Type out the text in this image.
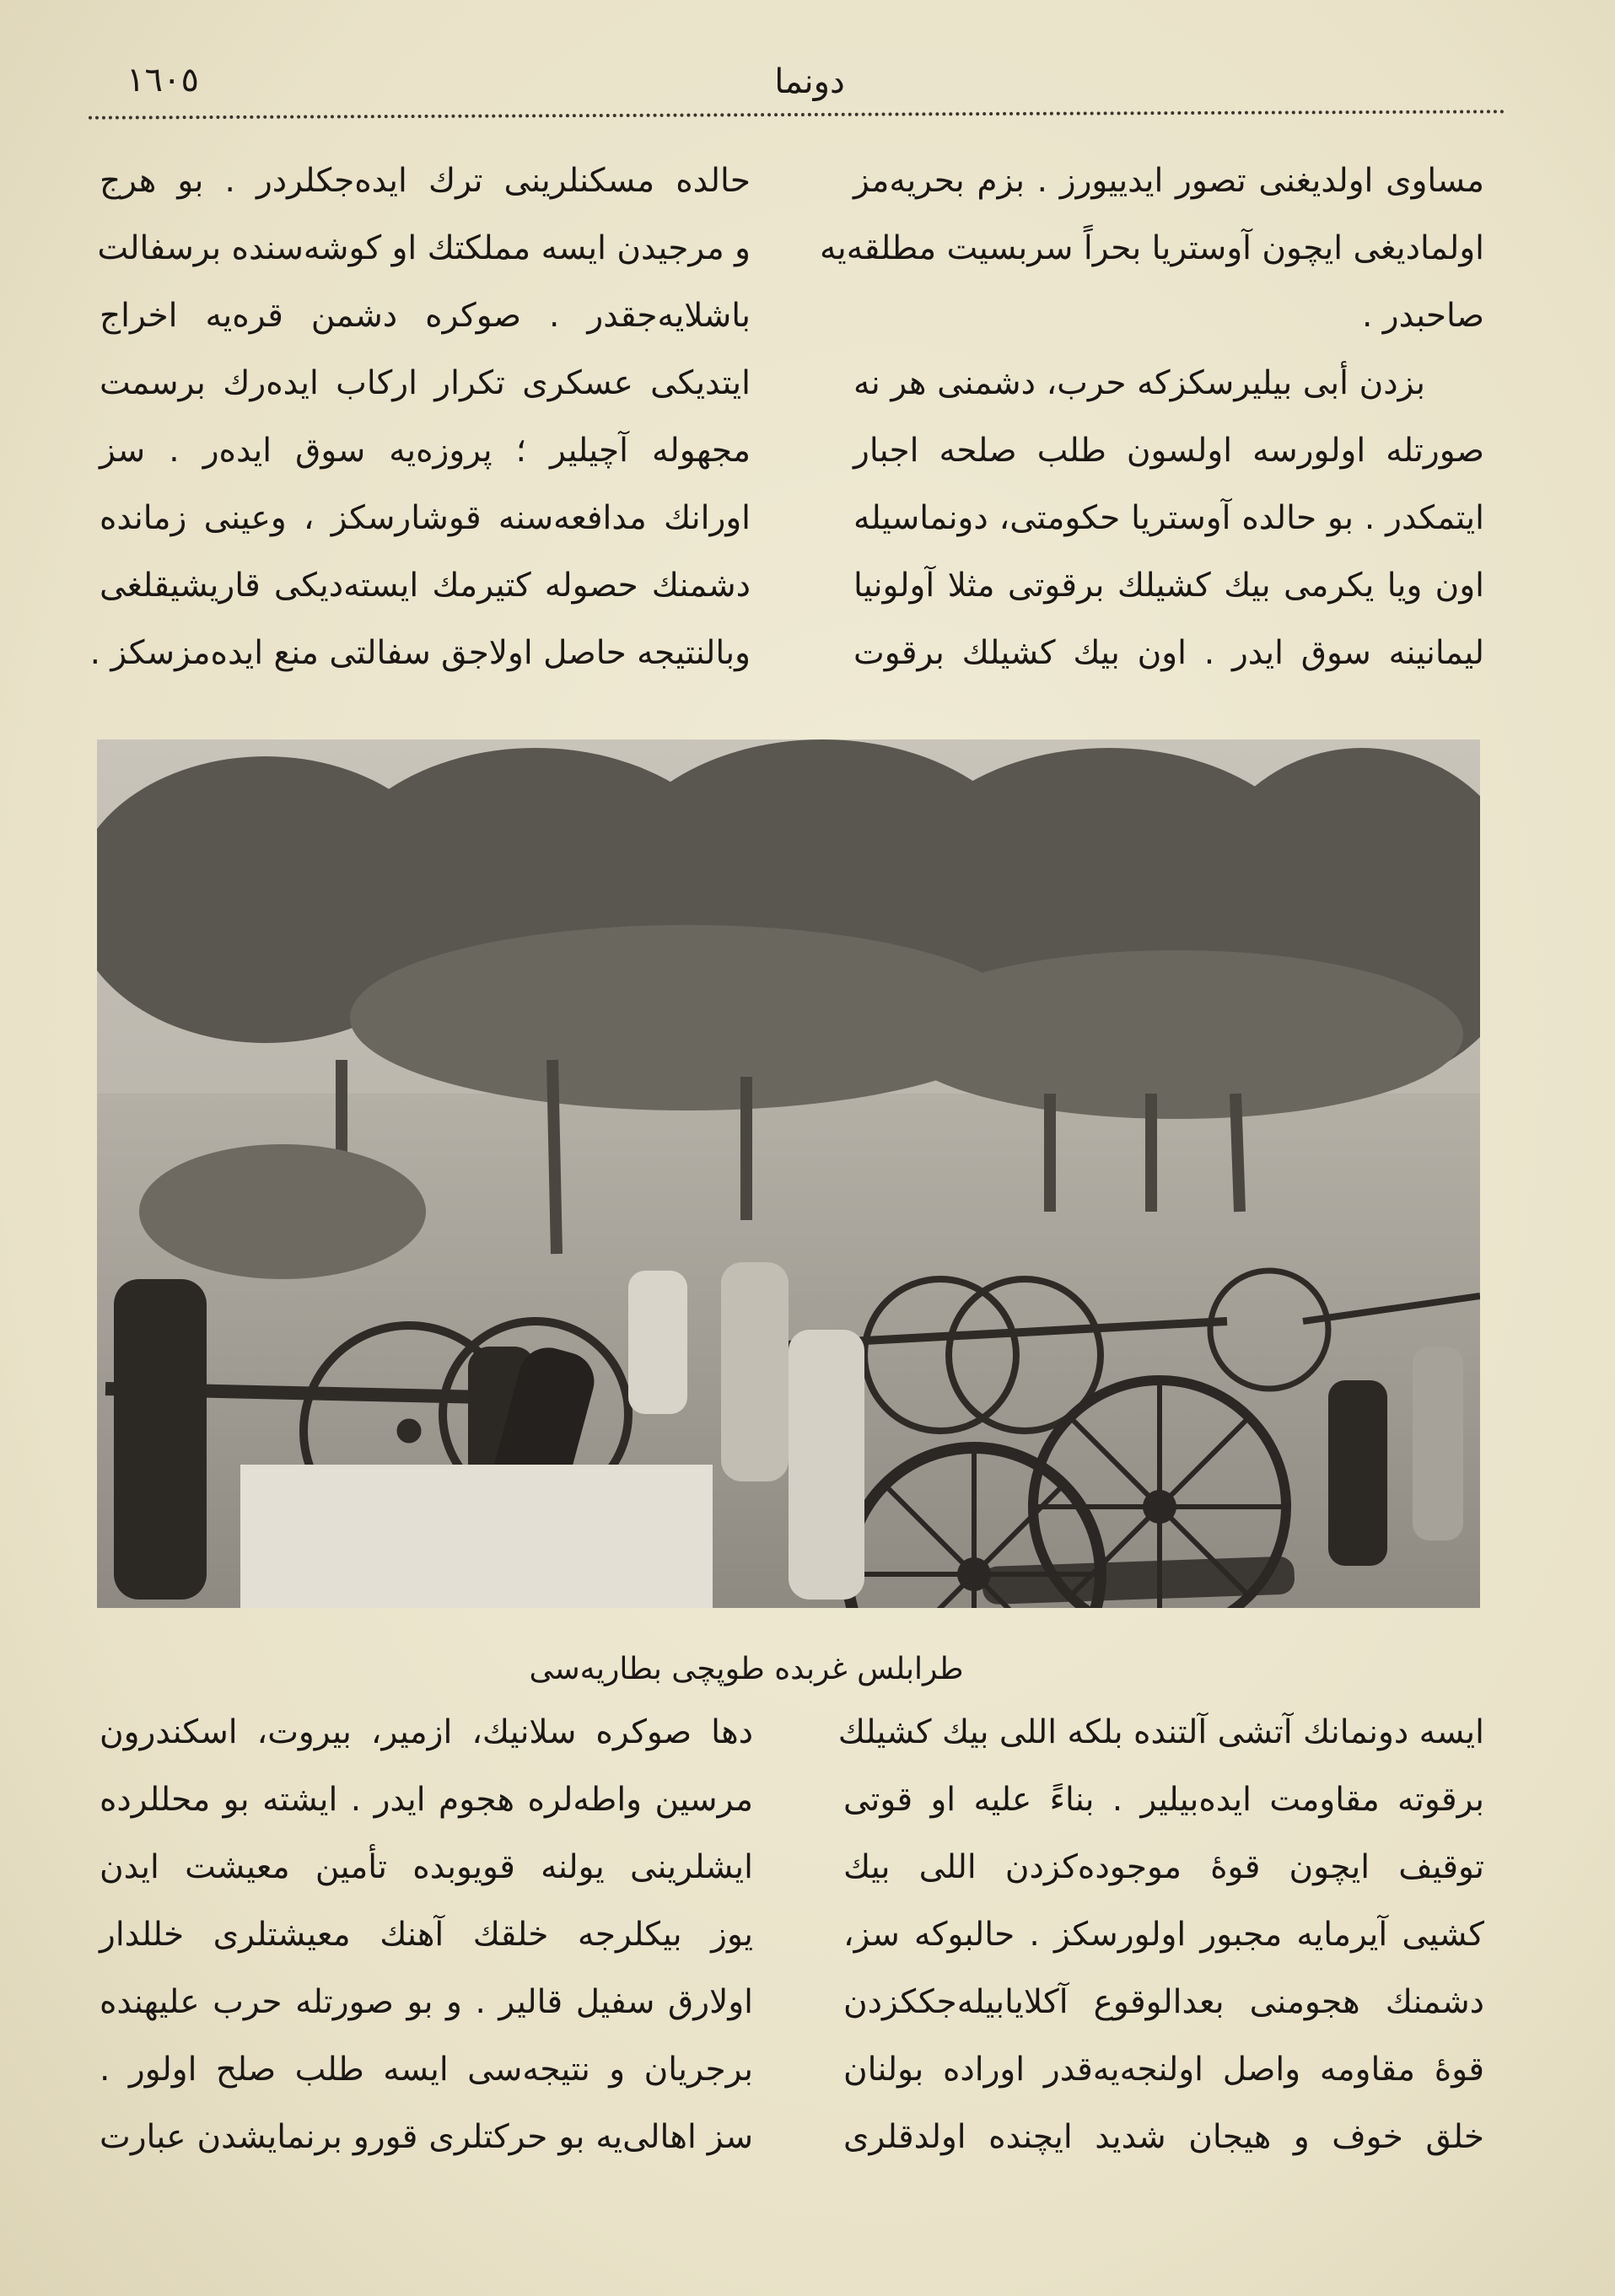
١٦٠٥	دونما
مساوی اولدیغنی تصور ایدییورز . بزم بحریه‌مز
اولمادیغی ایچون آوستریا بحراً سربسیت مطلقه‌یه
صاحبدر .
بزدن أبی بیلیرسکزکه حرب، دشمنی هر نه
صورتله اولورسه اولسون طلب صلحه اجبار
ایتمکدر . بو حالده آوستریا حکومتی، دونماسیله
اون ویا یکرمی بیك کشیلك برقوتی مثلا آولونیا
لیمانینه سوق ایدر . اون بیك کشیلك برقوت
حالده مسکنلرینی ترك ایده‌جکلردر . بو هرج
و مرجیدن ایسه مملکتك او کوشه‌سنده برسفالت
باشلایه‌جقدر . صوکره دشمن قره‌یه اخراج
ایتدیکی عسکری تکرار ارکاب ایده‌رك برسمت
مجهوله آچیلیر ؛ پروزه‌یه سوق ایده‌ر . سز
اورانك مدافعه‌سنه قوشارسکز ، وعینی زمانده
دشمنك حصوله کتیرمك ایسته‌دیکی قاریشیقلغی
وبالنتیجه حاصل اولاجق سفالتی منع ایده‌مزسکز .
طرابلس غربده طوپچی بطاریه‌سی
ایسه دونمانك آتشی آلتنده بلکه اللی بیك کشیلك
برقوته مقاومت ایده‌بیلیر . بناءً علیه او قوتی
توقیف ایچون قوهٔ موجوده‌کزدن اللی بیك
کشیی آیرمایه مجبور اولورسکز . حالبوکه سز،
دشمنك هجومنی بعدالوقوع آکلایابیله‌جککزدن
قوهٔ مقاومه واصل اولنجه‌یه‌قدر اوراده بولنان
خلق خوف و هیجان شدید ایچنده اولدقلری
دها صوکره سلانیك، ازمیر، بیروت، اسکندرون
مرسین واطه‌لره هجوم ایدر . ایشته بو محللرده
ایشلرینی یولنه قویوبده تأمین معیشت ایدن
یوز بیکلرجه خلقك آهنك معیشتلری خللدار
اولارق سفیل قالیر . و بو صورتله حرب علیهنده
برجریان و نتیجه‌سی ایسه طلب صلح اولور .
سز اهالی‌یه بو حرکتلری قورو برنمایشدن عبارت
